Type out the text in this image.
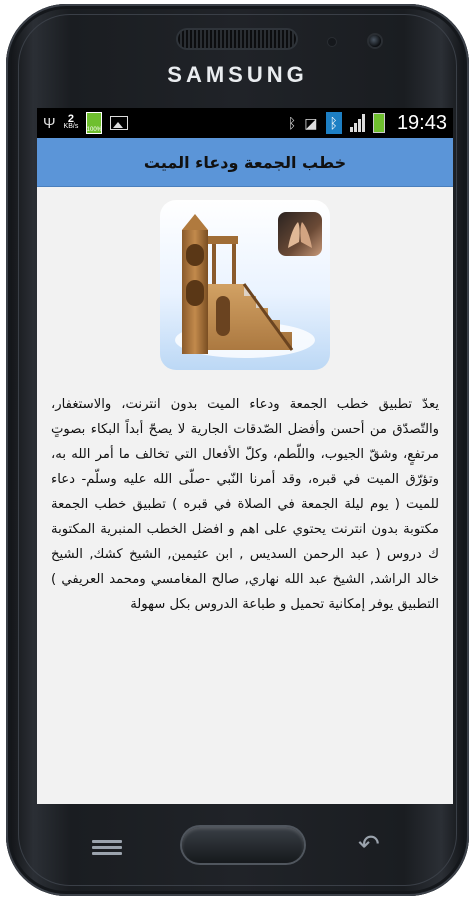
SAMSUNG
Ψ 2
KB/s 100%	ᛒ ◪ ᛒ	19:43
خطب الجمعة ودعاء الميت
يعدّ تطبيق خطب الجمعة ودعاء الميت بدون انترنت، والاستغفار، والتّصدّق من أحسن وأفضل الصّدقات الجارية لا يصحّ أبداً البكاء بصوتٍ مرتفعٍ، وشقّ الجيوب، واللّطم، وكلّ الأفعال التي تخالف ما أمر الله به، وتؤرّق الميت في قبره، وقد أمرنا النّبي -صلّى الله عليه وسلّم- دعاء للميت ( يوم ليلة الجمعة في الصلاة في قبره ) تطبيق خطب الجمعة مكتوبة بدون انترنت يحتوي على اهم و افضل الخطب المنبرية المكتوبة ك دروس ( عبد الرحمن السديس , ابن عثيمين, الشيخ كشك, الشيخ خالد الراشد, الشيخ عبد الله نهاري, صالح المغامسي ومحمد العريفي ) التطبيق يوفر إمكانية تحميل و طباعة الدروس بكل سهولة
↶
